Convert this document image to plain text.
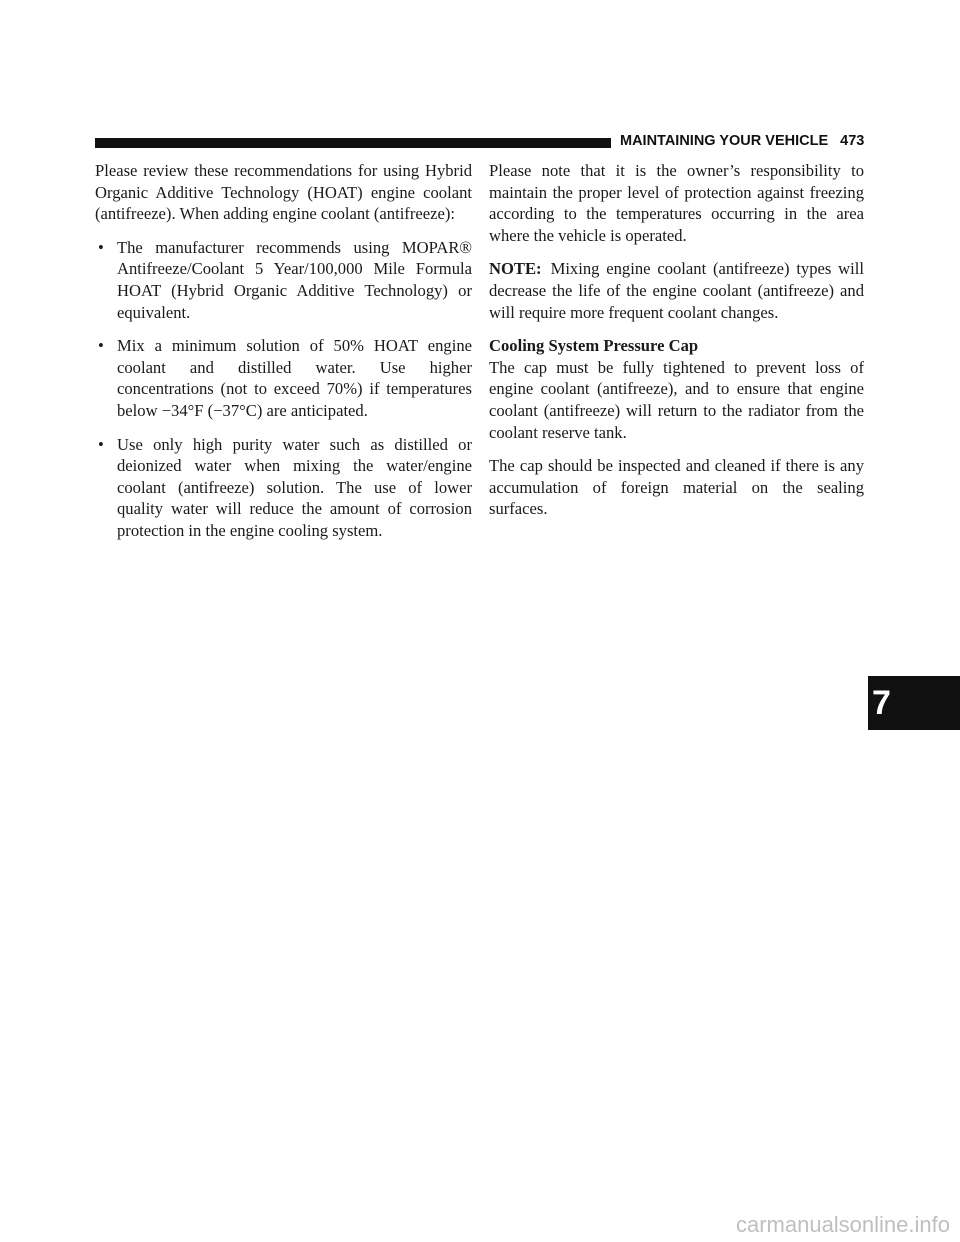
MAINTAINING YOUR VEHICLE 473

Please review these recommendations for using Hybrid Organic Additive Technology (HOAT) engine coolant (antifreeze). When adding engine coolant (antifreeze):

• The manufacturer recommends using MOPAR® Antifreeze/Coolant 5 Year/100,000 Mile Formula HOAT (Hybrid Organic Additive Technology) or equivalent.
• Mix a minimum solution of 50% HOAT engine coolant and distilled water. Use higher concentrations (not to exceed 70%) if temperatures below −34°F (−37°C) are anticipated.
• Use only high purity water such as distilled or deionized water when mixing the water/engine coolant (antifreeze) solution. The use of lower quality water will reduce the amount of corrosion protection in the engine cooling system.

Please note that it is the owner’s responsibility to maintain the proper level of protection against freezing according to the temperatures occurring in the area where the vehicle is operated.

NOTE: Mixing engine coolant (antifreeze) types will decrease the life of the engine coolant (antifreeze) and will require more frequent coolant changes.

Cooling System Pressure Cap

The cap must be fully tightened to prevent loss of engine coolant (antifreeze), and to ensure that engine coolant (antifreeze) will return to the radiator from the coolant reserve tank.

The cap should be inspected and cleaned if there is any accumulation of foreign material on the sealing surfaces.

7
carmanualsonline.info
